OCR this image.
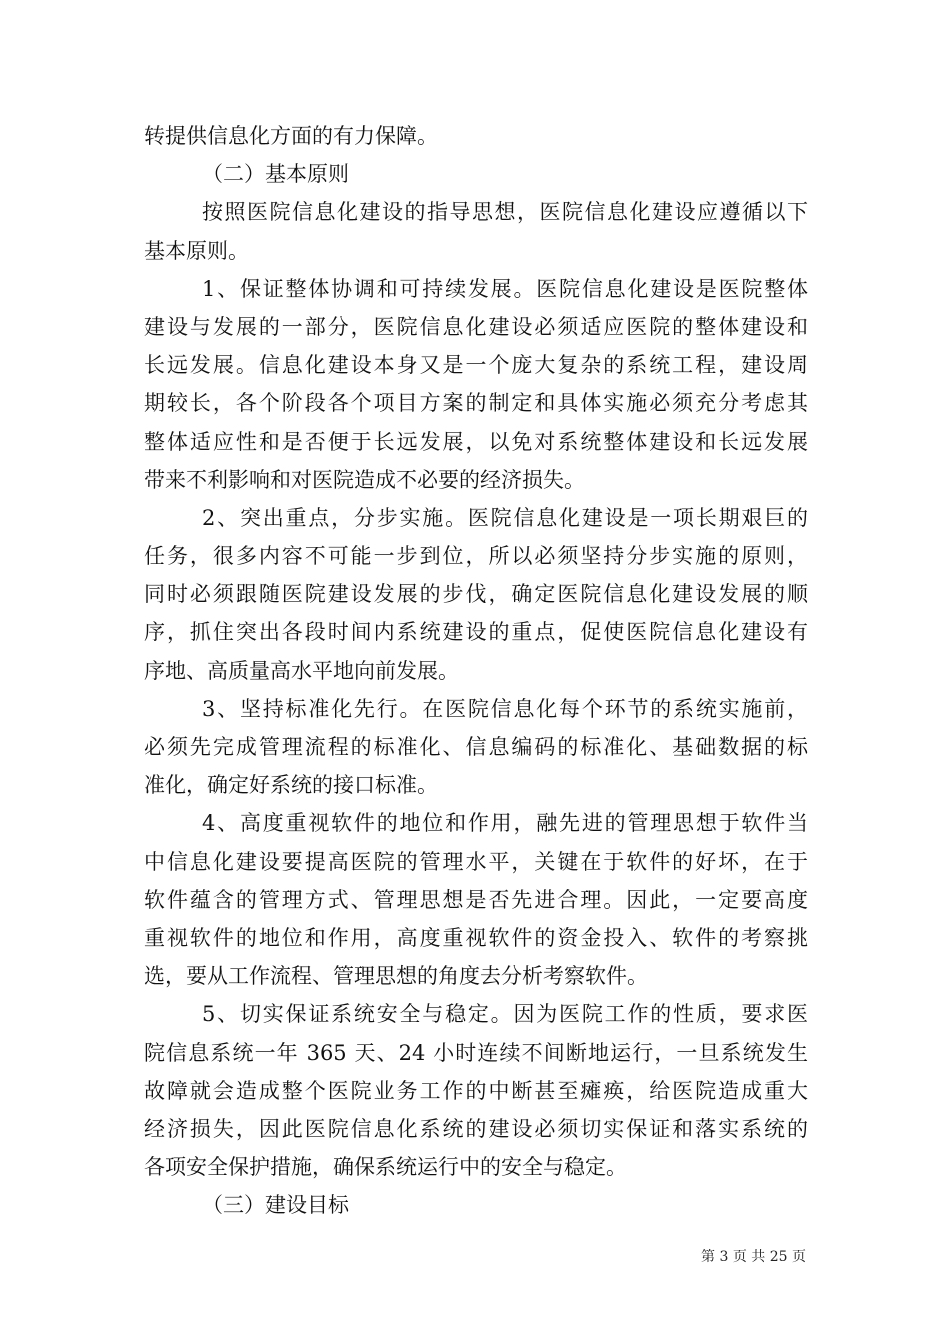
转提供信息化方面的有力保障。
（二）基本原则
按照医院信息化建设的指导思想，医院信息化建设应遵循以下
基本原则。
1、保证整体协调和可持续发展。医院信息化建设是医院整体
建设与发展的一部分，医院信息化建设必须适应医院的整体建设和
长远发展。信息化建设本身又是一个庞大复杂的系统工程，建设周
期较长，各个阶段各个项目方案的制定和具体实施必须充分考虑其
整体适应性和是否便于长远发展，以免对系统整体建设和长远发展
带来不利影响和对医院造成不必要的经济损失。
2、突出重点，分步实施。医院信息化建设是一项长期艰巨的
任务，很多内容不可能一步到位，所以必须坚持分步实施的原则，
同时必须跟随医院建设发展的步伐，确定医院信息化建设发展的顺
序，抓住突出各段时间内系统建设的重点，促使医院信息化建设有
序地、高质量高水平地向前发展。
3、坚持标准化先行。在医院信息化每个环节的系统实施前，
必须先完成管理流程的标准化、信息编码的标准化、基础数据的标
准化，确定好系统的接口标准。
4、高度重视软件的地位和作用，融先进的管理思想于软件当
中信息化建设要提高医院的管理水平，关键在于软件的好坏，在于
软件蕴含的管理方式、管理思想是否先进合理。因此，一定要高度
重视软件的地位和作用，高度重视软件的资金投入、软件的考察挑
选，要从工作流程、管理思想的角度去分析考察软件。
5、切实保证系统安全与稳定。因为医院工作的性质，要求医
院信息系统一年 365 天、24 小时连续不间断地运行，一旦系统发生
故障就会造成整个医院业务工作的中断甚至瘫痪，给医院造成重大
经济损失，因此医院信息化系统的建设必须切实保证和落实系统的
各项安全保护措施，确保系统运行中的安全与稳定。
（三）建设目标
第 3 页 共 25 页
